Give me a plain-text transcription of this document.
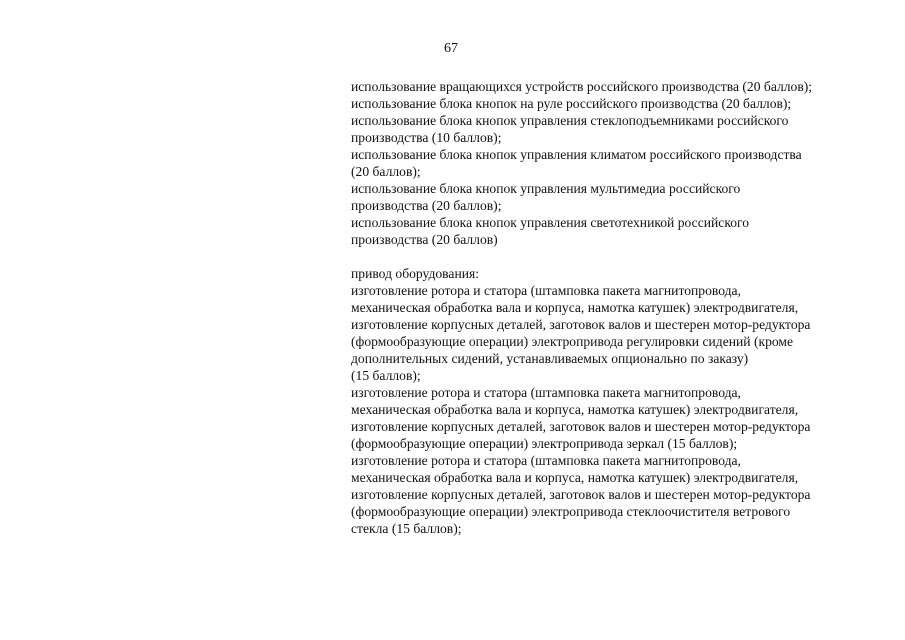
67
использование вращающихся устройств российского производства (20 баллов);
использование блока кнопок на руле российского производства (20 баллов);
использование блока кнопок управления стеклоподъемниками российского
производства (10 баллов);
использование блока кнопок управления климатом российского производства
(20 баллов);
использование блока кнопок управления мультимедиа российского
производства (20 баллов);
использование блока кнопок управления светотехникой российского
производства (20 баллов)
привод оборудования:
изготовление ротора и статора (штамповка пакета магнитопровода,
механическая обработка вала и корпуса, намотка катушек) электродвигателя,
изготовление корпусных деталей, заготовок валов и шестерен мотор-редуктора
(формообразующие операции) электропривода регулировки сидений (кроме
дополнительных сидений, устанавливаемых опционально по заказу)
(15 баллов);
изготовление ротора и статора (штамповка пакета магнитопровода,
механическая обработка вала и корпуса, намотка катушек) электродвигателя,
изготовление корпусных деталей, заготовок валов и шестерен мотор-редуктора
(формообразующие операции) электропривода зеркал (15 баллов);
изготовление ротора и статора (штамповка пакета магнитопровода,
механическая обработка вала и корпуса, намотка катушек) электродвигателя,
изготовление корпусных деталей, заготовок валов и шестерен мотор-редуктора
(формообразующие операции) электропривода стеклоочистителя ветрового
стекла (15 баллов);
